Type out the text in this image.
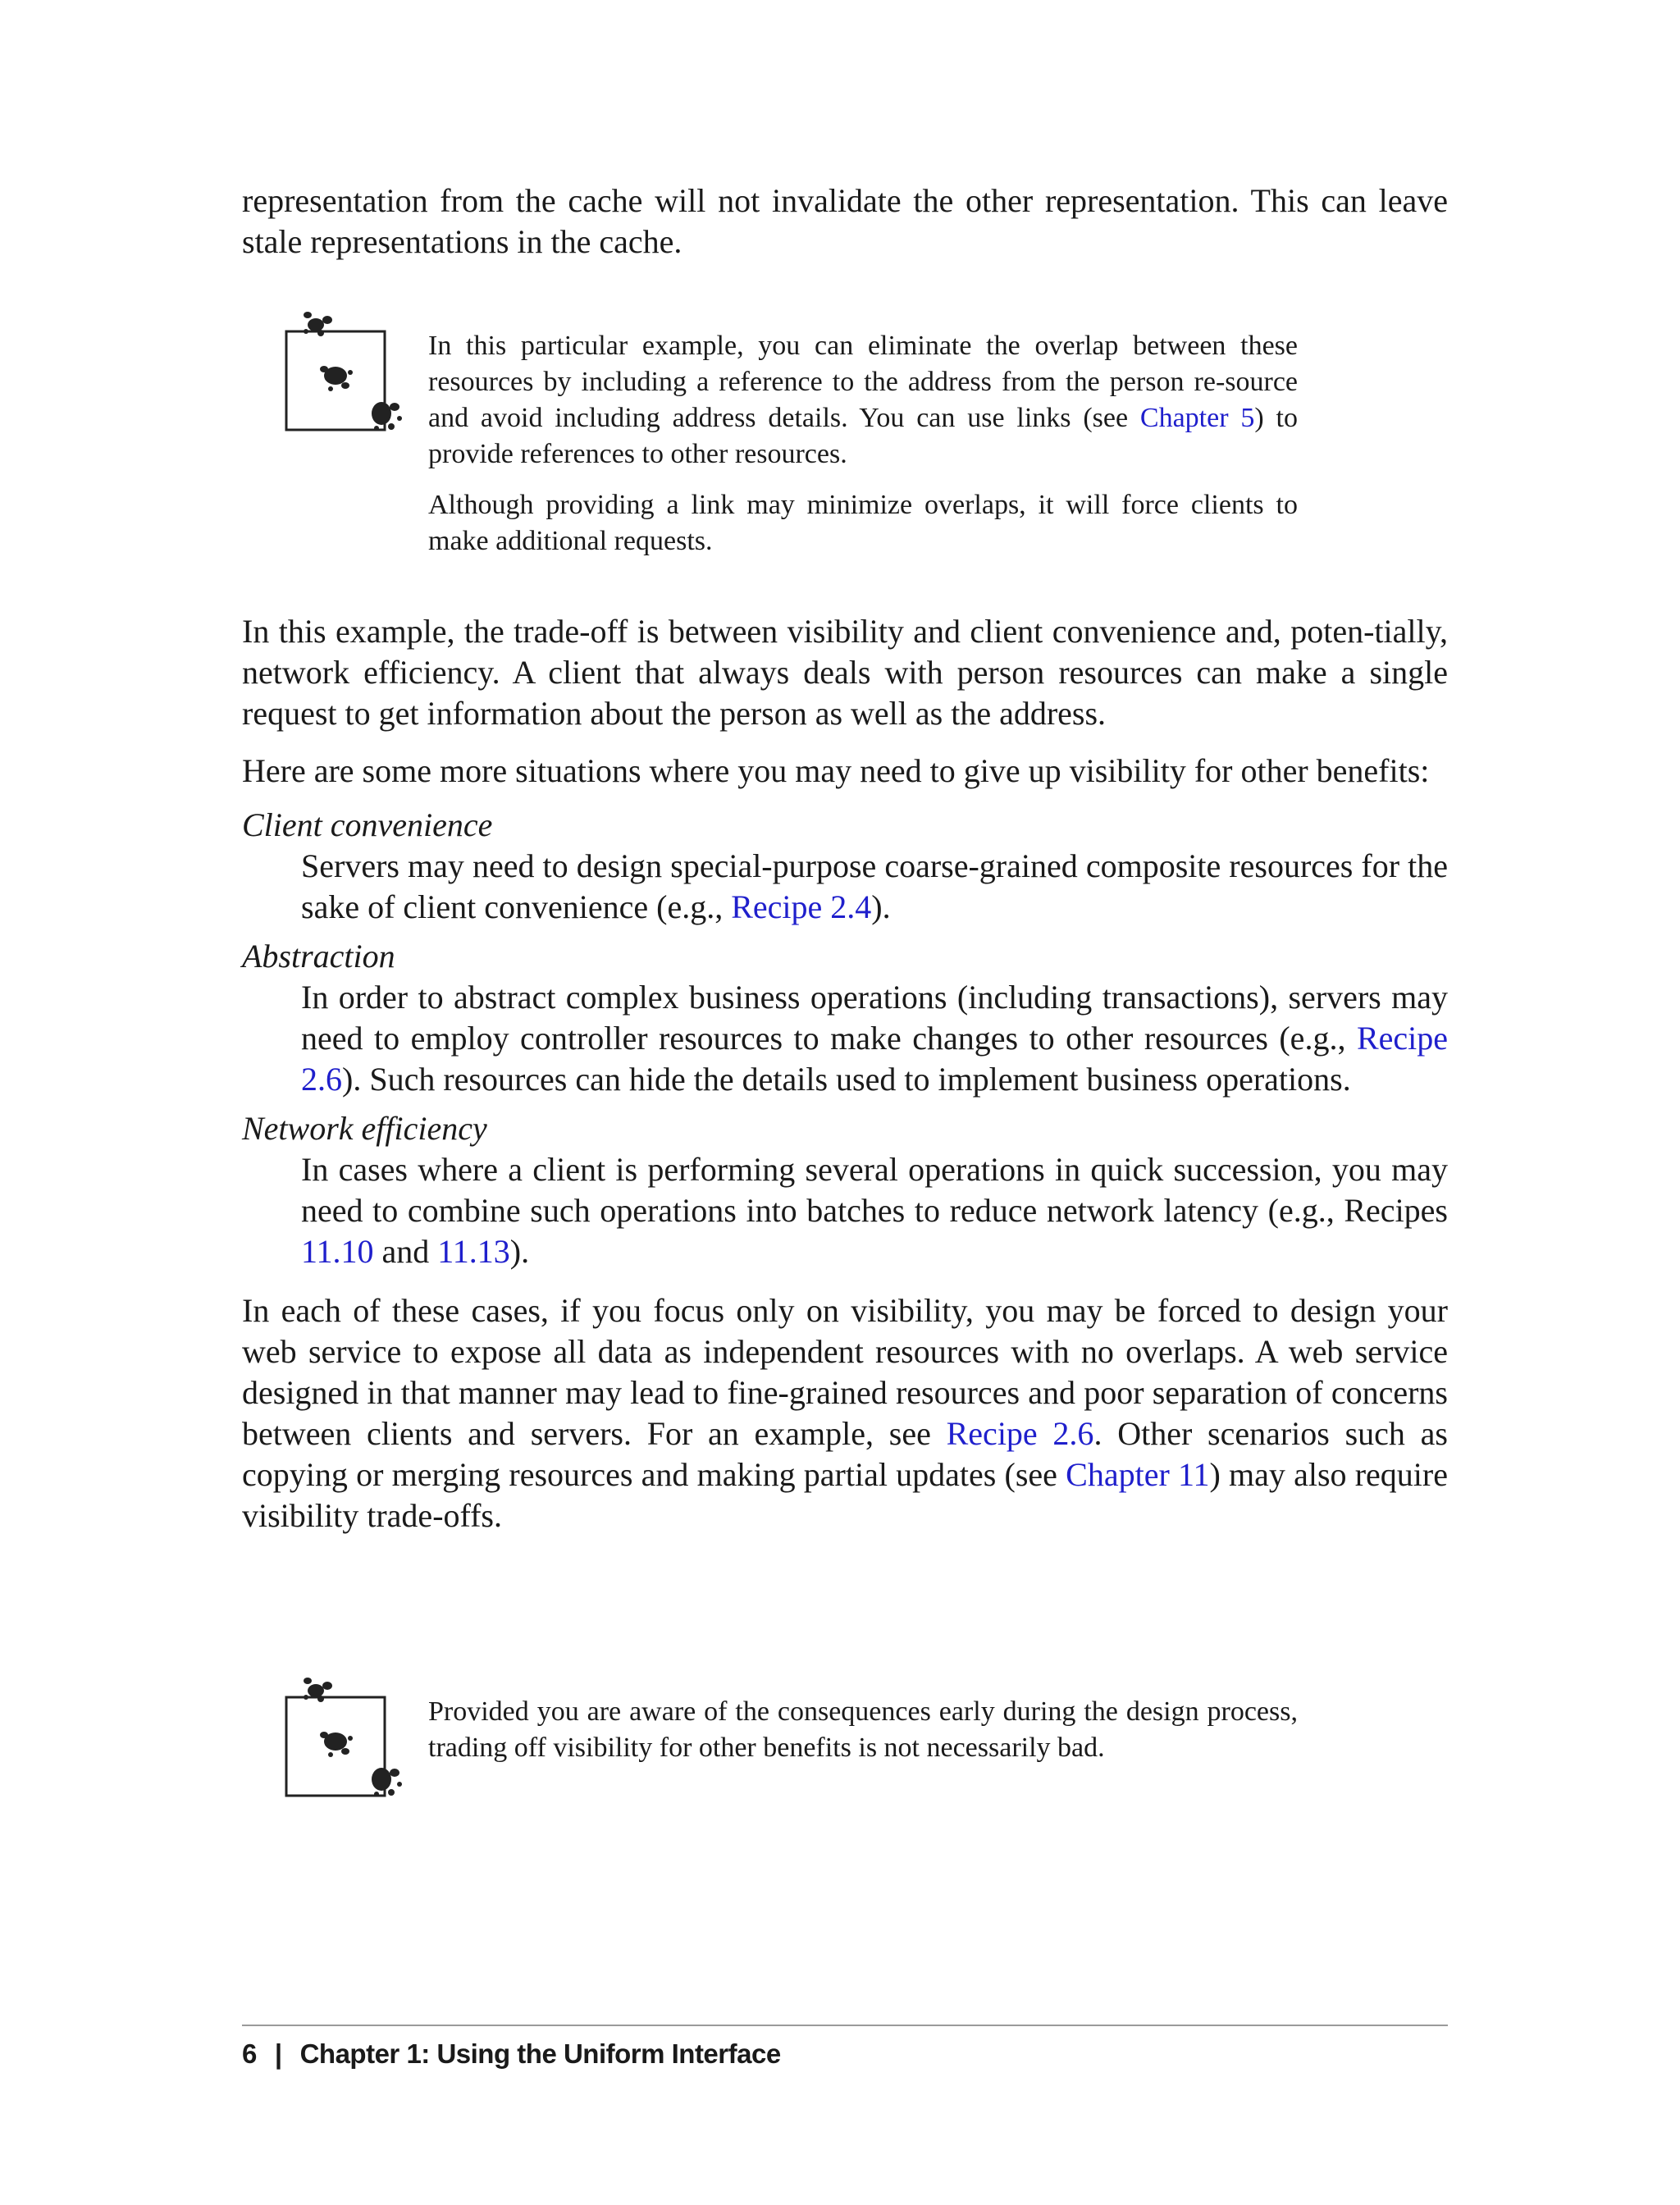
representation from the cache will not invalidate the other representation. This can leave stale representations in the cache.

In this particular example, you can eliminate the overlap between these resources by including a reference to the address from the person re-source and avoid including address details. You can use links (see Chapter 5) to provide references to other resources.

Although providing a link may minimize overlaps, it will force clients to make additional requests.

In this example, the trade-off is between visibility and client convenience and, poten-tially, network efficiency. A client that always deals with person resources can make a single request to get information about the person as well as the address.

Here are some more situations where you may need to give up visibility for other benefits:

Client convenience

Servers may need to design special-purpose coarse-grained composite resources for the sake of client convenience (e.g., Recipe 2.4).

Abstraction

In order to abstract complex business operations (including transactions), servers may need to employ controller resources to make changes to other resources (e.g., Recipe 2.6). Such resources can hide the details used to implement business operations.

Network efficiency

In cases where a client is performing several operations in quick succession, you may need to combine such operations into batches to reduce network latency (e.g., Recipes 11.10 and 11.13).

In each of these cases, if you focus only on visibility, you may be forced to design your web service to expose all data as independent resources with no overlaps. A web service designed in that manner may lead to fine-grained resources and poor separation of concerns between clients and servers. For an example, see Recipe 2.6. Other scenarios such as copying or merging resources and making partial updates (see Chapter 11) may also require visibility trade-offs.

Provided you are aware of the consequences early during the design process, trading off visibility for other benefits is not necessarily bad.

6 | Chapter 1: Using the Uniform Interface
